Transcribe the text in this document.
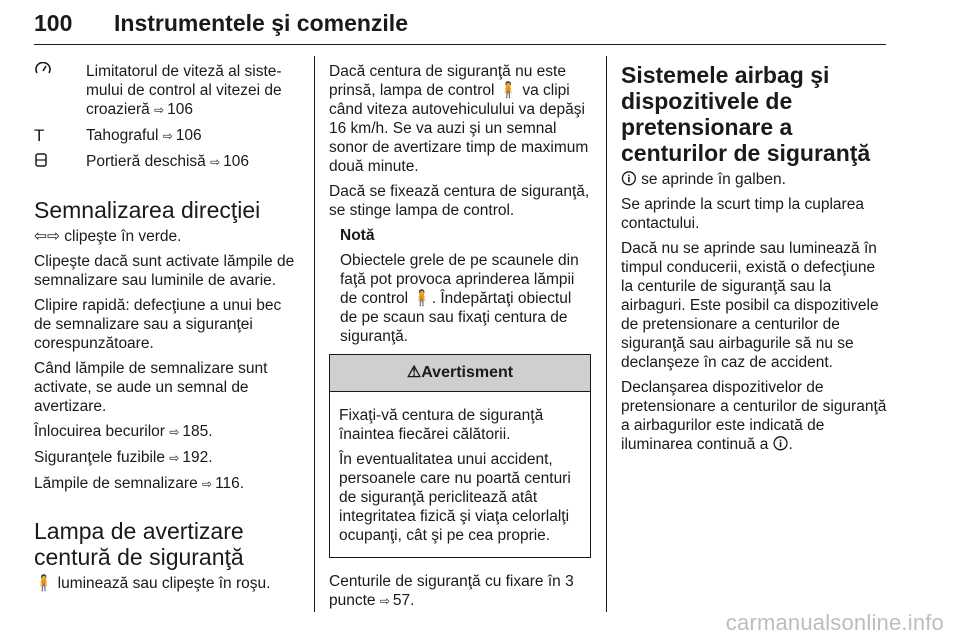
100 Instrumentele şi comenzile
Limitatorul de viteză al siste-mului de control al vitezei de croazieră ⇨ 106
T	Tahograful ⇨ 106
Portieră deschisă ⇨ 106
Semnalizarea direcţiei

⇦⇨ clipeşte în verde.

Clipeşte dacă sunt activate lămpile de semnalizare sau luminile de avarie.

Clipire rapidă: defecţiune a unui bec de semnalizare sau a siguranţei corespunzătoare.

Când lămpile de semnalizare sunt activate, se aude un semnal de avertizare.

Înlocuirea becurilor ⇨ 185.

Siguranţele fuzibile ⇨ 192.

Lămpile de semnalizare ⇨ 116.

Lampa de avertizare centură de siguranţă

🧍 luminează sau clipeşte în roşu.

Dacă centura de siguranţă nu este prinsă, lampa de control 🧍 va clipi când viteza autovehiculului va depăşi 16 km/h. Se va auzi şi un semnal sonor de avertizare timp de maximum două minute.

Dacă se fixează centura de siguranţă, se stinge lampa de control.

Notă

Obiectele grele de pe scaunele din faţă pot provoca aprinderea lămpii de control 🧍. Îndepărtaţi obiectul de pe scaun sau fixaţi centura de siguranţă.

⚠Avertisment

Fixaţi-vă centura de siguranţă înaintea fiecărei călătorii.

În eventualitatea unui accident, persoanele care nu poartă centuri de siguranţă periclitează atât integritatea fizică şi viaţa celorlalţi ocupanţi, cât şi pe cea proprie.

Centurile de siguranţă cu fixare în 3 puncte ⇨ 57.

Sistemele airbag şi dispozitivele de pretensionare a centurilor de siguranţă

🛈 se aprinde în galben.

Se aprinde la scurt timp la cuplarea contactului.

Dacă nu se aprinde sau luminează în timpul conducerii, există o defecţiune la centurile de siguranţă sau la airbaguri. Este posibil ca dispozitivele de pretensionare a centurilor de siguranţă sau airbagurile să nu se declanşeze în caz de accident.

Declanşarea dispozitivelor de pretensionare a centurilor de siguranţă a airbagurilor este indicată de iluminarea continuă a 🛈.

carmanualsonline.info
